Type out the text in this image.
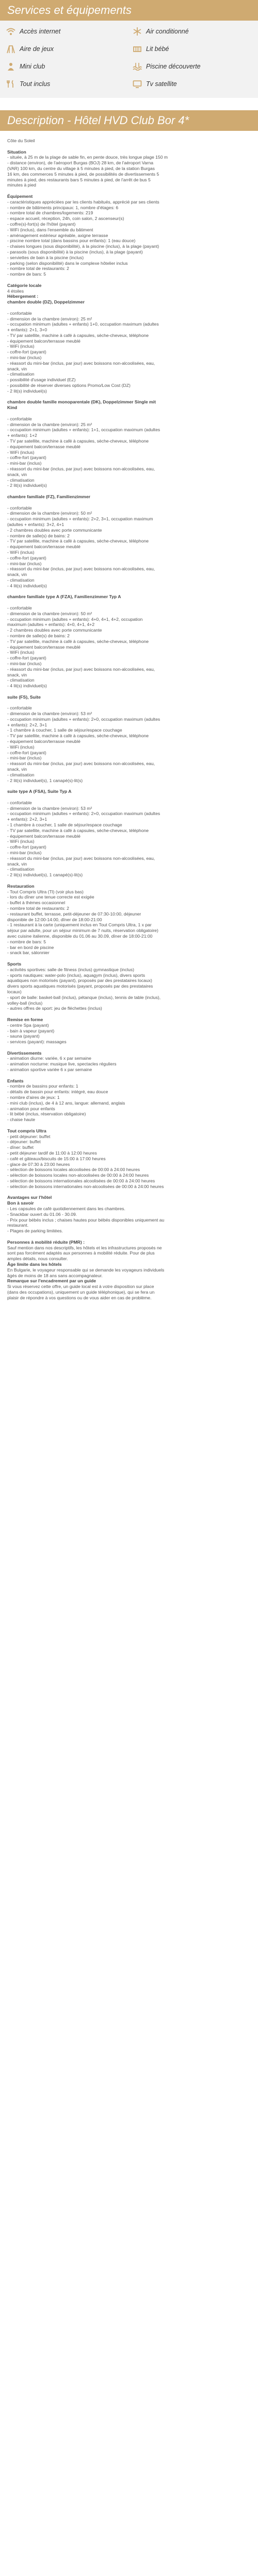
Services et équipements
Accès internet	Air conditionné
Aire de jeux	Lit bébé
Mini club	Piscine découverte
Tout inclus	Tv satellite
Description - Hôtel HVD Club Bor 4*

Côte du Soleil

Situation

- située, à 25 m de la plage de sable fin, en pente douce, très longue plage 150 m

- distance (environ), de l'aéroport Burgas (BOJ) 28 km, de l'aéroport Varna

(VAR) 100 km, du centre du village à 5 minutes à pied, de la station Burgas

16 km, des commerces 5 minutes à pied, de possibilités de divertissements 5

minutes à pied, des restaurants bars 5 minutes à pied, de l'arrêt de bus 5

minutes à pied

Équipement

- caractéristiques appréciées par les clients habitués, apprécié par ses clients

- nombre de bâtiments principaux: 1, nombre d'étages: 6

- nombre total de chambres/logements: 219

- espace accueil, réception, 24h, coin salon, 2 ascenseur(s)

- coffre(s)-fort(s) de l'hôtel (payant)

- WiFi (inclus), dans l'ensemble du bâtiment

- aménagement extérieur agréable, axigne terrasse

- piscine nombre total (dans bassins pour enfants): 1 (eau douce)

- chaises longues (sous disponibilité), à la piscine (inclus), à la plage (payant)

- parasols (sous disponibilité) à la piscine (inclus), à la plage (payant)

- serviettes de bain à la piscine (inclus)

- parking (selon disponibilité) dans le complexe hôtelier inclus

- nombre total de restaurants: 2

- nombre de bars: 5

Catégorie locale

4 étoiles

Hébergement :

chambre double (DZ), Doppelzimmer

- confortable

- dimension de la chambre (environ): 25 m²

- occupation minimum (adultes + enfants) 1+0, occupation maximum (adultes

+ enfants): 2+1, 3+0

- TV par satellite, machine à café à capsules, sèche-cheveux, téléphone

- équipement balcon/terrasse meublé

- WiFi (inclus)

- coffre-fort (payant)

- mini-bar (inclus)

- réassort du mini-bar (inclus, par jour) avec boissons non-alcoolisées, eau,

snack, vin

- climatisation

- possibilité d'usage individuel (EZ)

- possibilité de réserver diverses options Promo/Low Cost (DZ)

- 2 lit(s) individuel(s)

chambre double famille monoparentale (DK), Doppelzimmer Single mit

Kind

- confortable

- dimension de la chambre (environ): 25 m²

- occupation minimum (adultes + enfants): 1+1, occupation maximum (adultes

+ enfants): 1+2

- TV par satellite, machine à café à capsules, sèche-cheveux, téléphone

- équipement balcon/terrasse meublé

- WiFi (inclus)

- coffre-fort (payant)

- mini-bar (inclus)

- réassort du mini-bar (inclus, par jour) avec boissons non-alcoolisées, eau,

snack, vin

- climatisation

- 2 lit(s) individuel(s)

chambre familiale (FZ), Familienzimmer

- confortable

- dimension de la chambre (environ): 50 m²

- occupation minimum (adultes + enfants): 2+2, 3+1, occupation maximum

(adultes + enfants): 3+2, 4+1

- 2 chambres doubles avec porte communicante

- nombre de salle(s) de bains: 2

- TV par satellite, machine à café à capsules, sèche-cheveux, téléphone

- équipement balcon/terrasse meublé

- WiFi (inclus)

- coffre-fort (payant)

- mini-bar (inclus)

- réassort du mini-bar (inclus, par jour) avec boissons non-alcoolisées, eau,

snack, vin

- climatisation

- 4 lit(s) individuel(s)

chambre familiale type A (FZA), Familienzimmer Typ A

- confortable

- dimension de la chambre (environ): 50 m²

- occupation minimum (adultes + enfants): 4+0, 4+1, 4+2, occupation

maximum (adultes + enfants): 4+0, 4+1, 4+2

- 2 chambres doubles avec porte communicante

- nombre de salle(s) de bains: 2

- TV par satellite, machine à café à capsules, sèche-cheveux, téléphone

- équipement balcon/terrasse meublé

- WiFi (inclus)

- coffre-fort (payant)

- mini-bar (inclus)

- réassort du mini-bar (inclus, par jour) avec boissons non-alcoolisées, eau,

snack, vin

- climatisation

- 4 lit(s) individuel(s)

suite (FS), Suite

- confortable

- dimension de la chambre (environ): 53 m²

- occupation minimum (adultes + enfants): 2+0, occupation maximum (adultes

+ enfants): 2+2, 3+1

- 1 chambre à coucher, 1 salle de séjour/espace couchage

- TV par satellite, machine à café à capsules, sèche-cheveux, téléphone

- équipement balcon/terrasse meublé

- WiFi (inclus)

- coffre-fort (payant)

- mini-bar (inclus)

- réassort du mini-bar (inclus, par jour) avec boissons non-alcoolisées, eau,

snack, vin

- climatisation

- 2 lit(s) individuel(s), 1 canapé(s)-lit(s)

suite type A (FSA), Suite Typ A

- confortable

- dimension de la chambre (environ): 53 m²

- occupation minimum (adultes + enfants): 2+0, occupation maximum (adultes

+ enfants): 2+2, 3+1

- 1 chambre à coucher, 1 salle de séjour/espace couchage

- TV par satellite, machine à café à capsules, sèche-cheveux, téléphone

- équipement balcon/terrasse meublé

- WiFi (inclus)

- coffre-fort (payant)

- mini-bar (inclus)

- réassort du mini-bar (inclus, par jour) avec boissons non-alcoolisées, eau,

snack, vin

- climatisation

- 2 lit(s) individuel(s), 1 canapé(s)-lit(s)

Restauration

- Tout Compris Ultra (Tl) (voir plus bas)

- lors du dîner une tenue correcte est exigée

- buffet à thèmes occasionnel

- nombre total de restaurants: 2

- restaurant buffet, terrasse, petit-déjeuner de 07:30-10:00, déjeuner

disponible de 12:00-14:00, dîner de 18:00-21:00

- 1 restaurant à la carte (uniquement inclus en Tout Compris Ultra, 1 x par

séjour par adulte, pour un séjour minimum de 7 nuits, réservation obligatoire)

avec cuisine italienne, disponible du 01.06 au 30.09, dîner de 18:00-21:00

- nombre de bars: 5

- bar en bord de piscine

- snack bar, sàlonnier

Sports

- activités sportives: salle de fitness (inclus) gymnastique (inclus)

- sports nautiques: water-polo (inclus), aquagym (inclus), divers sports

aquatiques non motorisés (payant), proposés par des prestataires locaux)

divers sports aquatiques motorisés (payant, proposés par des prestataires

locaux)

- sport de balle: basket-ball (inclus), pétanque (inclus), tennis de table (inclus),

volley-ball (inclus)

- autres offres de sport: jeu de fléchettes (inclus)

Remise en forme

- centre Spa (payant)

- bain à vapeur (payant)

- sauna (payant)

- services (payant): massages

Divertissements

- animation diurne: variée, 6 x par semaine

- animation nocturne: musique live, spectacles réguliers

- animation sportive variée 6 x par semaine

Enfants

- nombre de bassins pour enfants: 1

- détails de bassin pour enfants: intégré, eau douce

- nombre d'aires de jeux: 1

- mini club (inclus), de 4 à 12 ans, langue: allemand, anglais

- animation pour enfants

- lit bébé (inclus, réservation obligatoire)

- chaise haute

Tout compris Ultra

- petit déjeuner: buffet

- déjeuner: buffet

- dîner: buffet

- petit déjeuner tardif de 11:00 à 12:00 heures

- café et gâteaux/biscuits de 15:00 à 17:00 heures

- glace de 07:30 à 23:00 heures

- sélection de boissons locales alcoolisées de 00:00 à 24:00 heures

- sélection de boissons locales non-alcoolisées de 00:00 à 24:00 heures

- sélection de boissons internationales alcoolisées de 00:00 à 24:00 heures

- sélection de boissons internationales non-alcoolisées de 00:00 à 24:00 heures

Avantages sur l'hôtel

Bon à savoir

- Les capsules de café quotidiennement dans les chambres.

- Snackbar ouvert du 01.06 - 30.09.

- Prix pour bébés inclus ; chaises hautes pour bébés disponibles uniquement au

restaurant.

- Plages de parking limitées.

Personnes à mobilité réduite (PMR) :

Sauf mention dans nos descriptifs, les hôtels et les infrastructures proposés ne

sont pas forcément adaptés aux personnes à mobilité réduite. Pour de plus

amples détails, nous consulter.

Âge limite dans les hôtels

En Bulgarie, le voyageur responsable qui se demande les voyageurs individuels

âgés de moins de 18 ans sans accompagnateur.

Remarque sur l'encadrement par un guide

Si vous réservez cette offre, un guide local est à votre disposition sur place

(dans des occupations), uniquement un guide téléphonique), qui se fera un

plaisir de répondre à vos questions ou de vous aider en cas de problème.
